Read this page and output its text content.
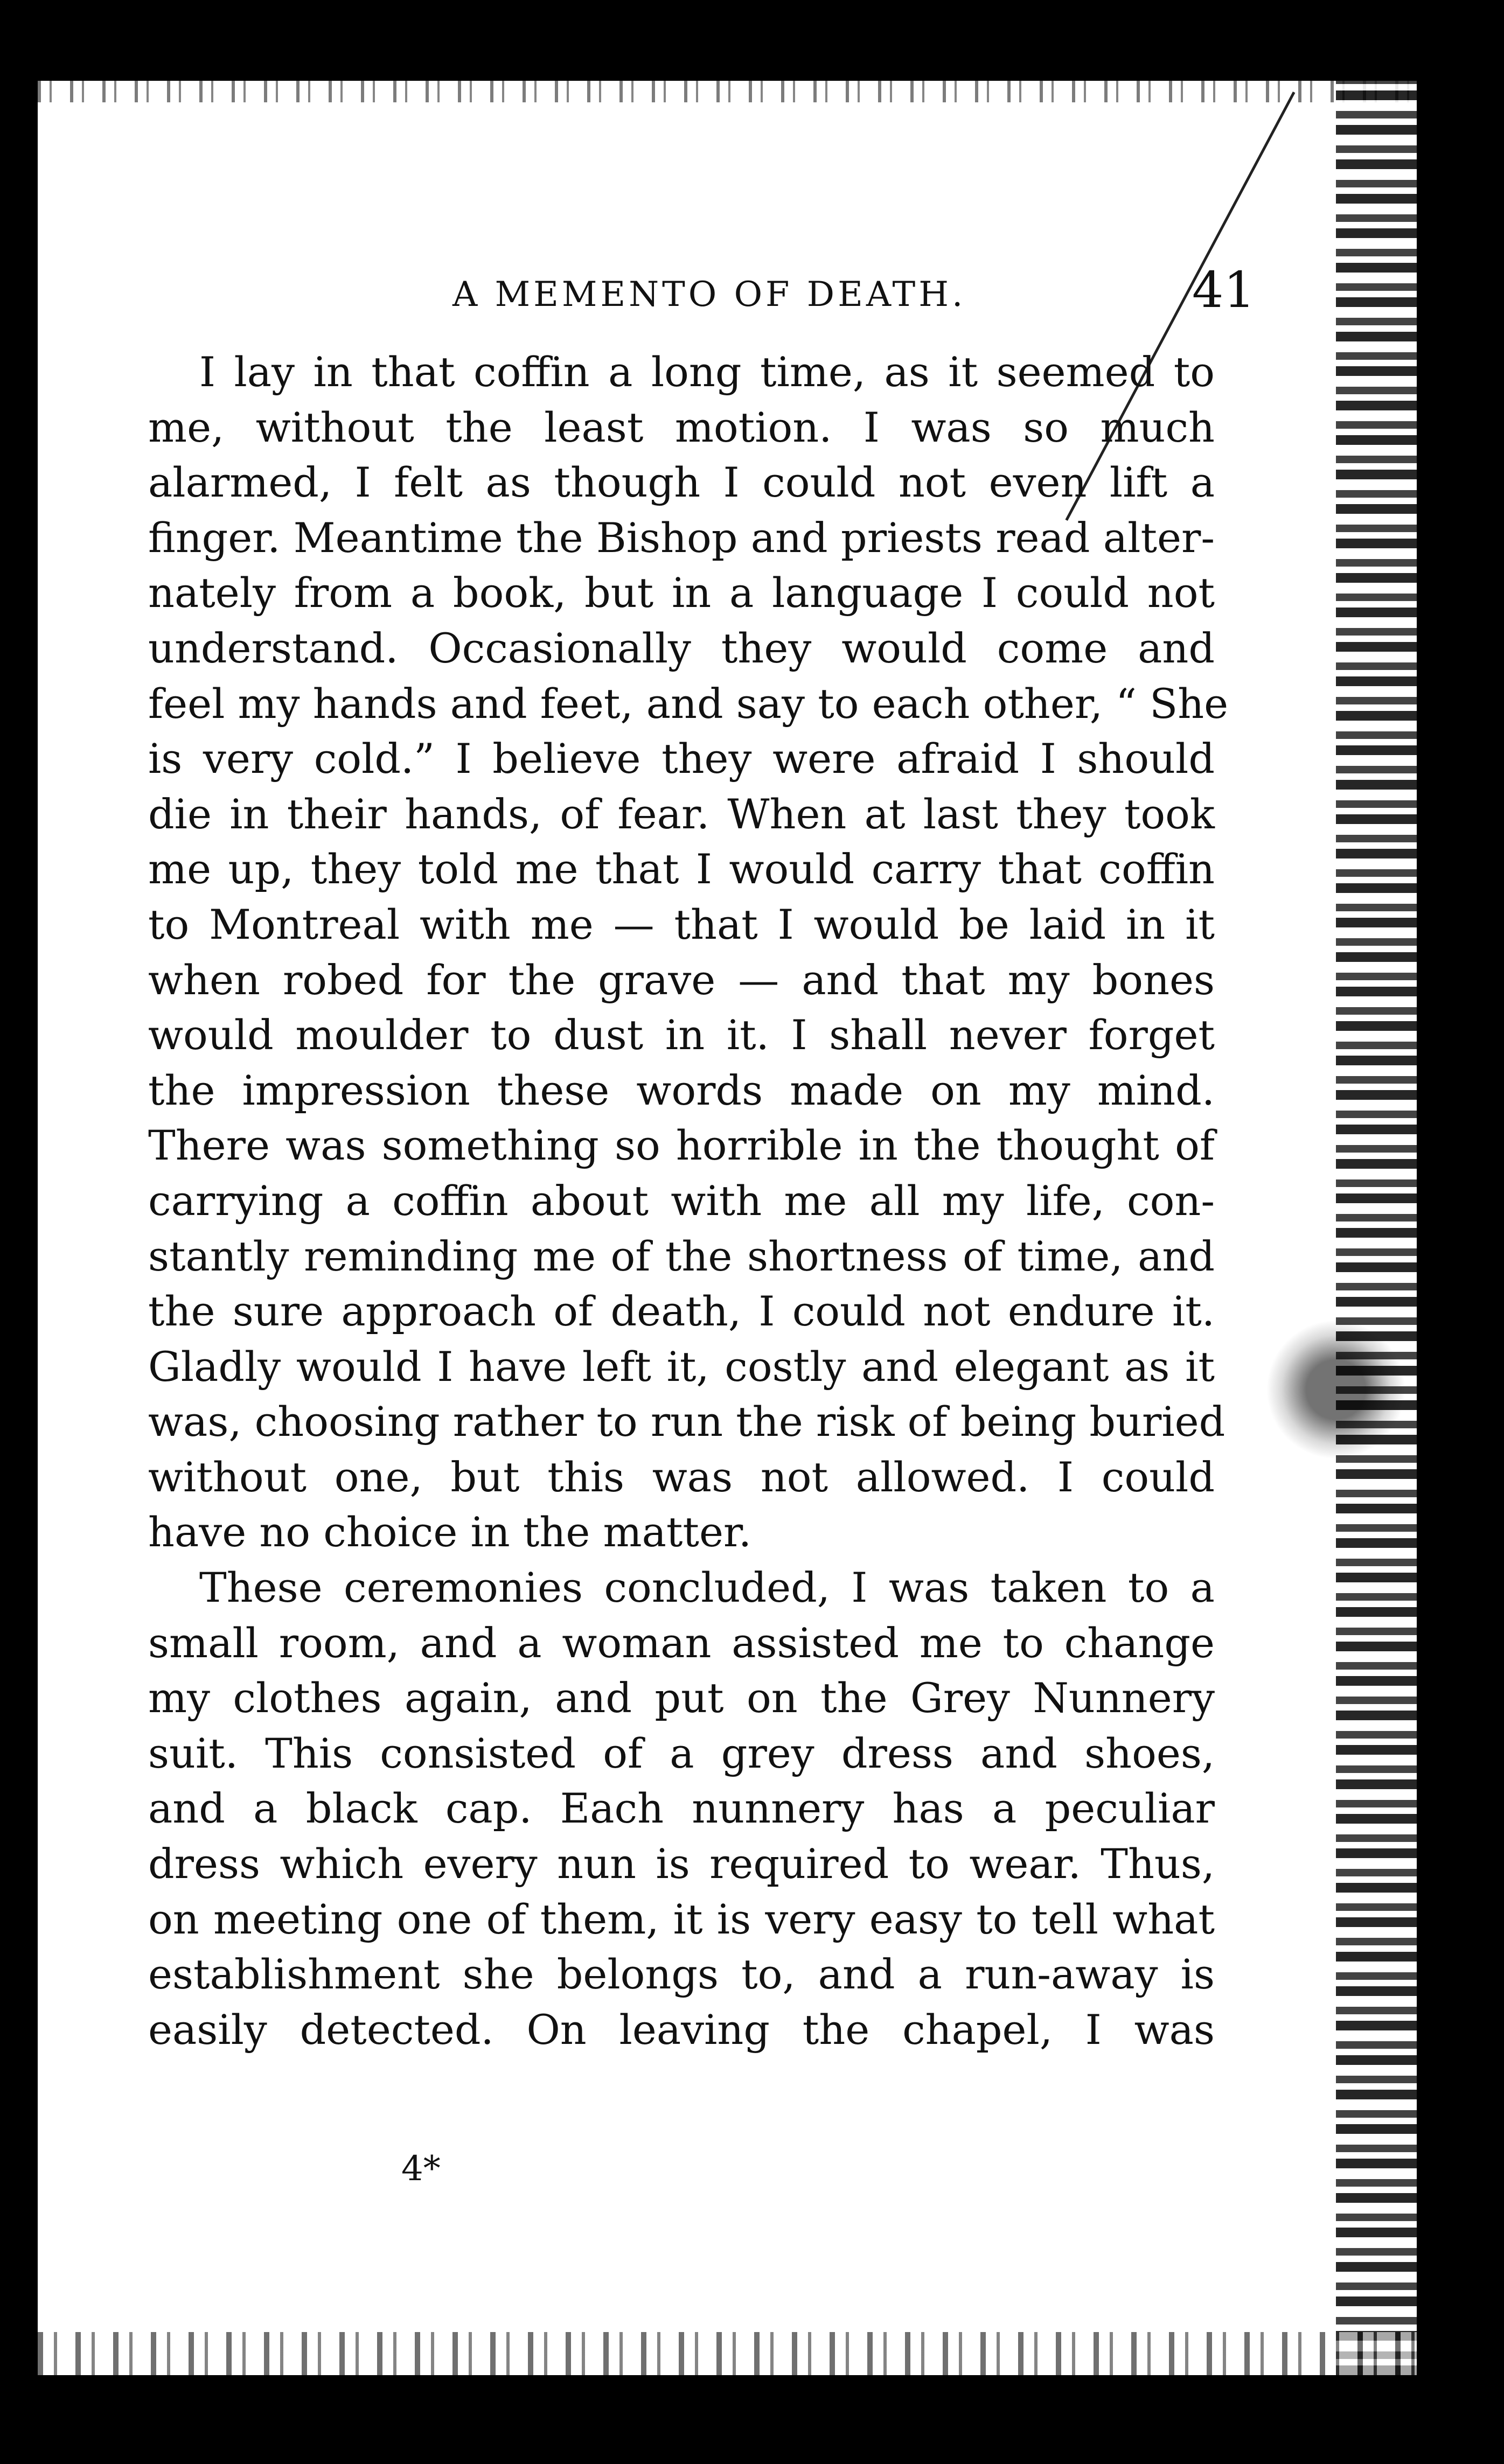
A MEMENTO OF DEATH.	41
I lay in that coffin a long time, as it seemed to
me, without the least motion. I was so much
alarmed, I felt as though I could not even lift a
finger. Meantime the Bishop and priests read alter-
nately from a book, but in a language I could not
understand. Occasionally they would come and
feel my hands and feet, and say to each other, “ She
is very cold.” I believe they were afraid I should
die in their hands, of fear. When at last they took
me up, they told me that I would carry that coffin
to Montreal with me — that I would be laid in it
when robed for the grave — and that my bones
would moulder to dust in it. I shall never forget
the impression these words made on my mind.
There was something so horrible in the thought of
carrying a coffin about with me all my life, con-
stantly reminding me of the shortness of time, and
the sure approach of death, I could not endure it.
Gladly would I have left it, costly and elegant as it
was, choosing rather to run the risk of being buried
without one, but this was not allowed. I could
have no choice in the matter.
These ceremonies concluded, I was taken to a
small room, and a woman assisted me to change
my clothes again, and put on the Grey Nunnery
suit. This consisted of a grey dress and shoes,
and a black cap. Each nunnery has a peculiar
dress which every nun is required to wear. Thus,
on meeting one of them, it is very easy to tell what
establishment she belongs to, and a run-away is
easily detected. On leaving the chapel, I was
4*
